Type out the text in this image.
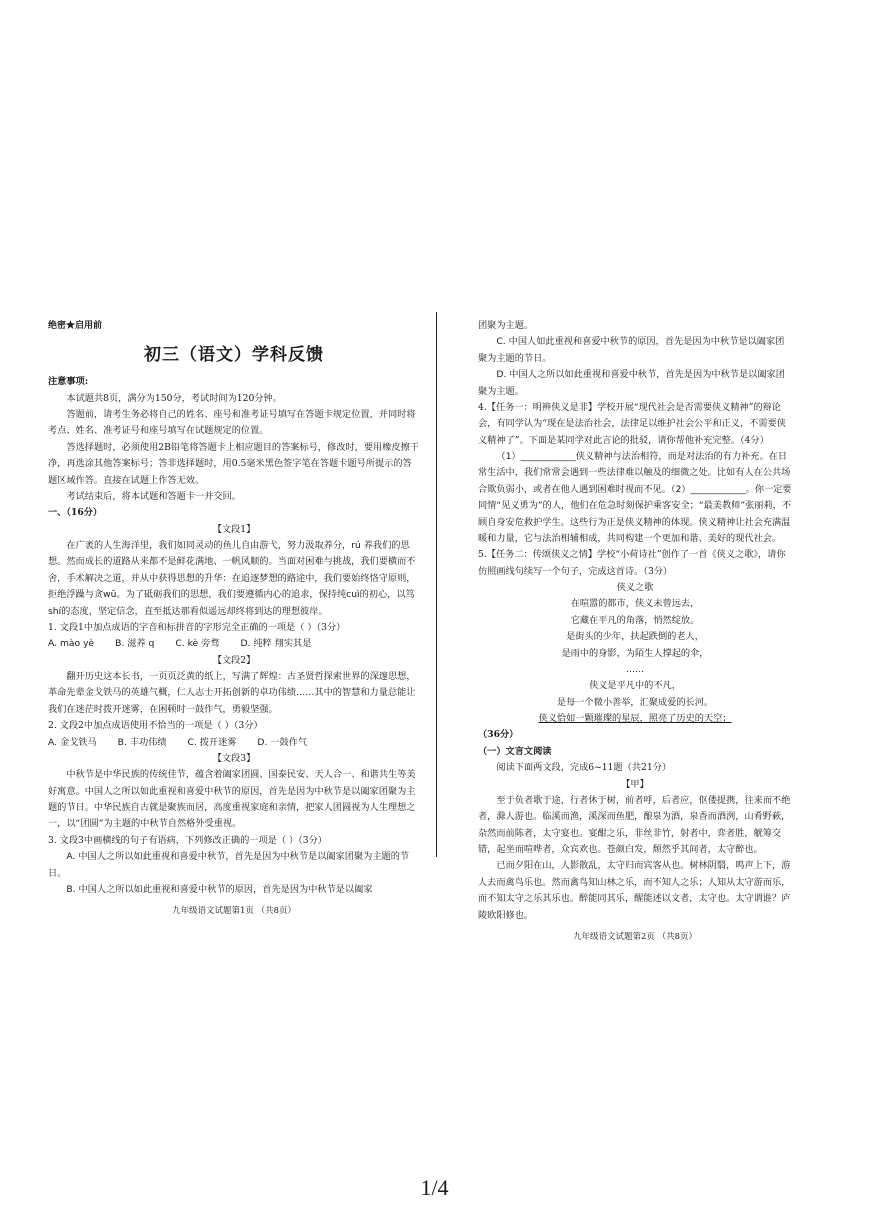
绝密★启用前

初三（语文）学科反馈

注意事项:

本试题共8页，满分为150分，考试时间为120分钟。

答题前，请考生务必将自己的姓名、座号和准考证号填写在答题卡规定位置，并同时将考点、姓名、准考证号和座号填写在试题规定的位置。

答选择题时，必须使用2B铅笔将答题卡上相应题目的答案标号，修改时，要用橡皮擦干净，再选涂其他答案标号；答非选择题时，用0.5毫米黑色签字笔在答题卡题号所提示的答题区域作答。直接在试题上作答无效。

考试结束后，将本试题和答题卡一并交回。

一、（16分）

【文段1】

在广袤的人生海洋里，我们如同灵动的鱼儿自由游弋，努力汲取养分，rú 养我们的思想。然而成长的道路从来都不是鲜花满地、一帆风顺的。当面对困难与挑战，我们要横而不舍，手术解决之道，并从中获得思想的升华：在追逐梦想的路途中，我们要始终恪守原则，拒绝浮躁与贪wū。为了砥砺我们的思想，我们要遵循内心的追求，保持纯cuì的初心，以笃shí的态度，坚定信念，直至抵达那看似遥远却终将到达的理想彼岸。

1. 文段1中加点成语的字音和标拼音的字形完全正确的一项是（ ）（3分）

A. mào yè B. 滋养 q C. kè 旁骛 D. 纯粹 翔实其是

【文段2】

翻开历史这本长书，一页页泛黄的纸上，写满了辉煌：古圣贤哲探索世界的深邃思想，革命先辈金戈铁马的英雄气概，仁人志士开拓创新的卓功伟绩……其中的智慧和力量总能让我们在迷茫时拨开迷雾，在困顿时一鼓作气，勇毅坚强。

2. 文段2中加点成语使用不恰当的一项是（ ）（3分）

A. 金戈铁马 B. 丰功伟绩 C. 拨开迷雾 D. 一鼓作气

【文段3】

中秋节是中华民族的传统佳节，蕴含着阖家团圆、国泰民安、天人合一、和谐共生等美好寓意。中国人之所以如此重视和喜爱中秋节的原因，首先是因为中秋节是以阖家团聚为主题的节日。中华民族自古就是聚族而居，高度重视家庭和亲情，把家人团圆视为人生理想之一，以“团圆”为主题的中秋节自然格外受重视。

3. 文段3中画横线的句子有语病，下列修改正确的一项是（ ）（3分）

A. 中国人之所以如此重视和喜爱中秋节，首先是因为中秋节是以阖家团聚为主题的节日。

B. 中国人之所以如此重视和喜爱中秋节的原因，首先是因为中秋节是以阖家

九年级语文试题第1页 （共8页）

团聚为主题。

C. 中国人如此重视和喜爱中秋节的原因，首先是因为中秋节是以阖家团聚为主题的节日。

D. 中国人之所以如此重视和喜爱中秋节，首先是因为中秋节是以阖家团聚为主题。

4.【任务一：明辨侠义是非】学校开展“现代社会是否需要侠义精神”的辩论会，有同学认为“现在是法治社会，法律足以维护社会公平和正义，不需要侠义精神了”。下面是某同学对此言论的批驳，请你帮他补充完整。（4分）

（1）____________侠义精神与法治相符，而是对法治的有力补充。在日常生活中，我们常常会遇到一些法律难以触及的细微之处。比如有人在公共场合欺负弱小，或者在他人遇到困难时视而不见。（2）____________。你一定要同情“见义勇为”的人，他们在危急时刻保护乘客安全；“最美教师”张丽莉，不顾自身安危救护学生。这些行为正是侠义精神的体现。侠义精神让社会充满温暖和力量，它与法治相辅相成，共同构建一个更加和谐、美好的现代社会。

5.【任务二：传颂侠义之情】学校“小荷诗社”创作了一首《侠义之歌》，请你仿照画线句续写一个句子，完成这首诗。（3分）

侠义之歌

在喧嚣的都市，侠义未曾远去，

它藏在平凡的角落，悄然绽放。

是街头的少年，扶起跌倒的老人，

是雨中的身影，为陌生人撑起的伞，

……

侠义是平凡中的不凡，

是每一个微小善举，汇聚成爱的长河。

侠义恰如一颗璀璨的星辰，照亮了历史的天空；

（36分）

（一）文言文阅读

阅读下面两文段，完成6~11题（共21分）

【甲】

至于负者歌于途，行者休于树，前者呼，后者应，伛偻提携，往来而不绝者，滁人游也。临溪而渔，溪深而鱼肥，酿泉为酒，泉香而酒洌，山肴野蔌，杂然而前陈者，太守宴也。宴酣之乐，非丝非竹，射者中，弈者胜，觥筹交错，起坐而喧哗者，众宾欢也。苍颜白发，颓然乎其间者，太守醉也。

已而夕阳在山，人影散乱，太守归而宾客从也。树林阴翳，鸣声上下，游人去而禽鸟乐也。然而禽鸟知山林之乐，而不知人之乐；人知从太守游而乐，而不知太守之乐其乐也。醉能同其乐，醒能述以文者，太守也。太守谓谁？庐陵欧阳修也。

九年级语文试题第2页 （共8页）

1/4
